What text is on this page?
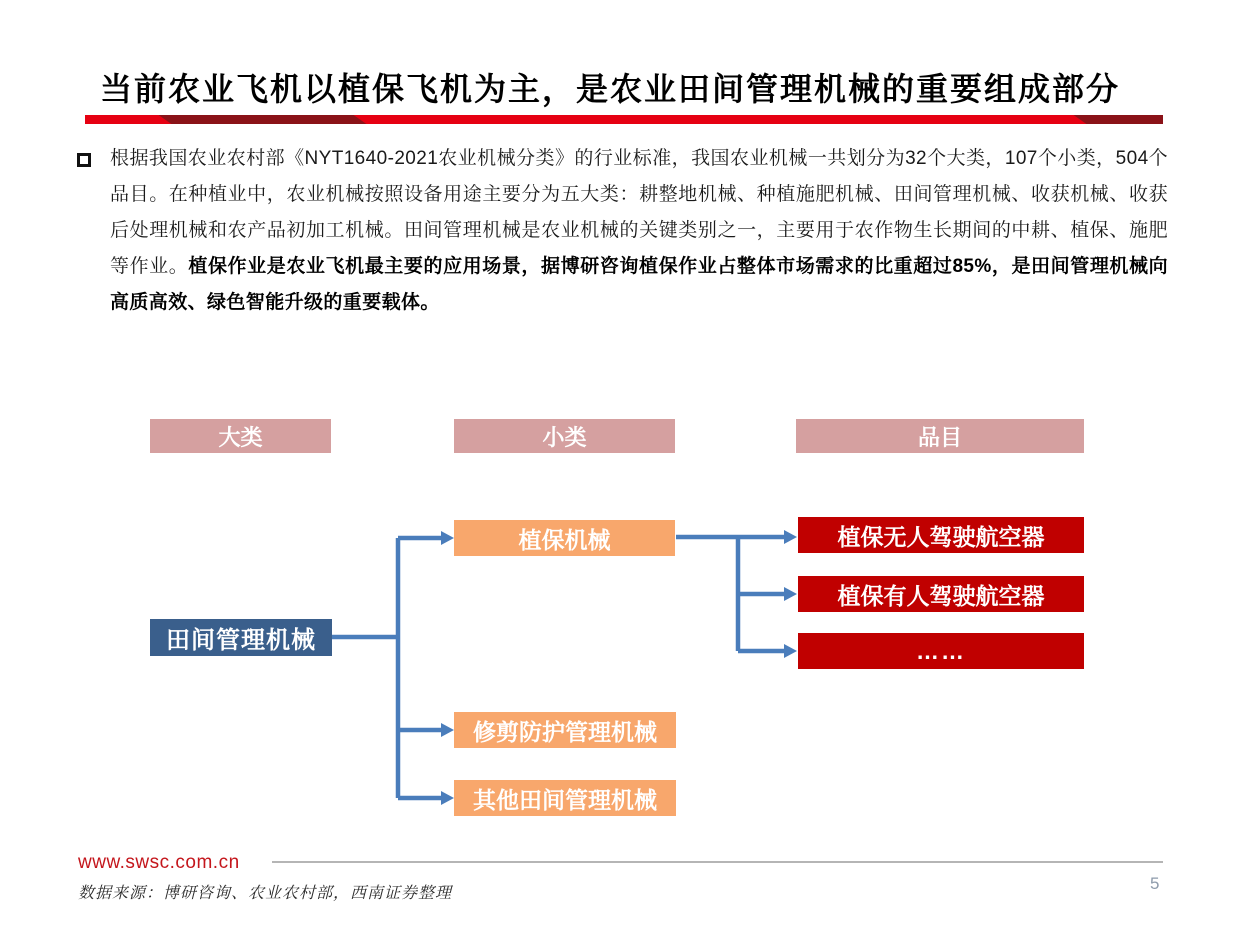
当前农业飞机以植保飞机为主，是农业田间管理机械的重要组成部分
根据我国农业农村部《NYT1640-2021农业机械分类》的行业标准，我国农业机械一共划分为32个大类，107个小类，504个品目。在种植业中，农业机械按照设备用途主要分为五大类：耕整地机械、种植施肥机械、田间管理机械、收获机械、收获后处理机械和农产品初加工机械。田间管理机械是农业机械的关键类别之一，主要用于农作物生长期间的中耕、植保、施肥等作业。植保作业是农业飞机最主要的应用场景，据博研咨询植保作业占整体市场需求的比重超过85%，是田间管理机械向高质高效、绿色智能升级的重要载体。
大类	小类	品目
田间管理机械
植保机械
修剪防护管理机械
其他田间管理机械
植保无人驾驶航空器
植保有人驾驶航空器
……
www.swsc.com.cn
数据来源：博研咨询、农业农村部，西南证券整理
5
